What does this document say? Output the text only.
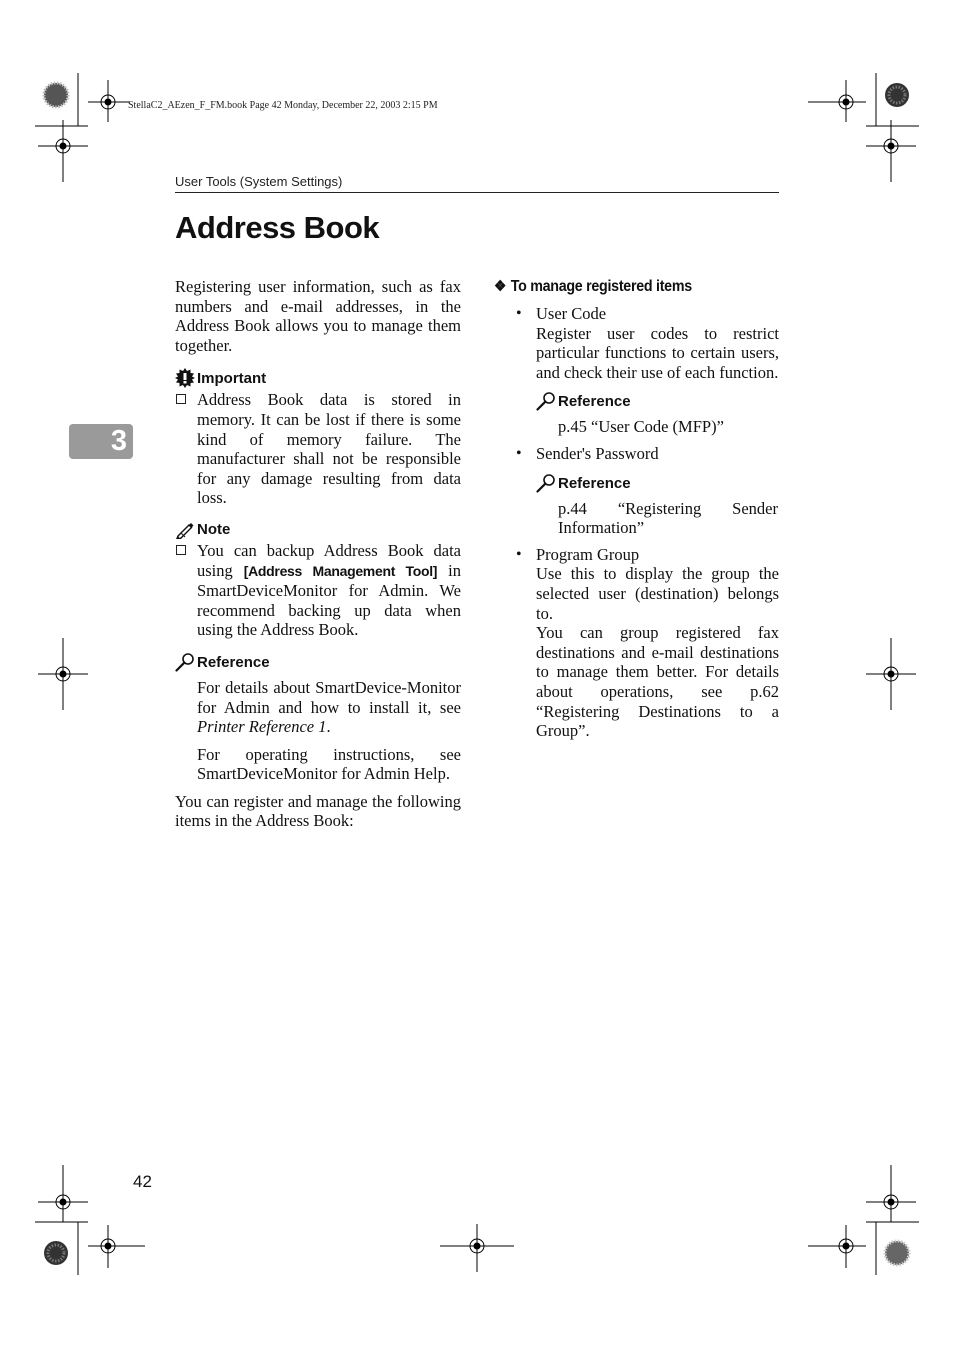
StellaC2_AEzen_F_FM.book Page 42 Monday, December 22, 2003 2:15 PM
User Tools (System Settings)
Address Book
3

Registering user information, such as fax numbers and e-mail addresses, in the Address Book allows you to manage them together.

Important

Address Book data is stored in memory. It can be lost if there is some kind of memory failure. The manufacturer shall not be responsible for any damage resulting from data loss.

Note

You can backup Address Book data using [Address Management Tool] in SmartDeviceMonitor for Admin. We recommend backing up data when using the Address Book.

Reference

For details about SmartDevice-Monitor for Admin and how to install it, see Printer Reference 1.

For operating instructions, see SmartDeviceMonitor for Admin Help.

You can register and manage the following items in the Address Book:

❖ To manage registered items
• User Code

Register user codes to restrict particular functions to certain users, and check their use of each function.

Reference

p.45 “User Code (MFP)”

• Sender's Password

Reference

p.44 “Registering Sender Information”

• Program Group

Use this to display the group the selected user (destination) belongs to.

You can group registered fax destinations and e-mail destinations to manage them better. For details about operations, see p.62 “Registering Destinations to a Group”.

42
